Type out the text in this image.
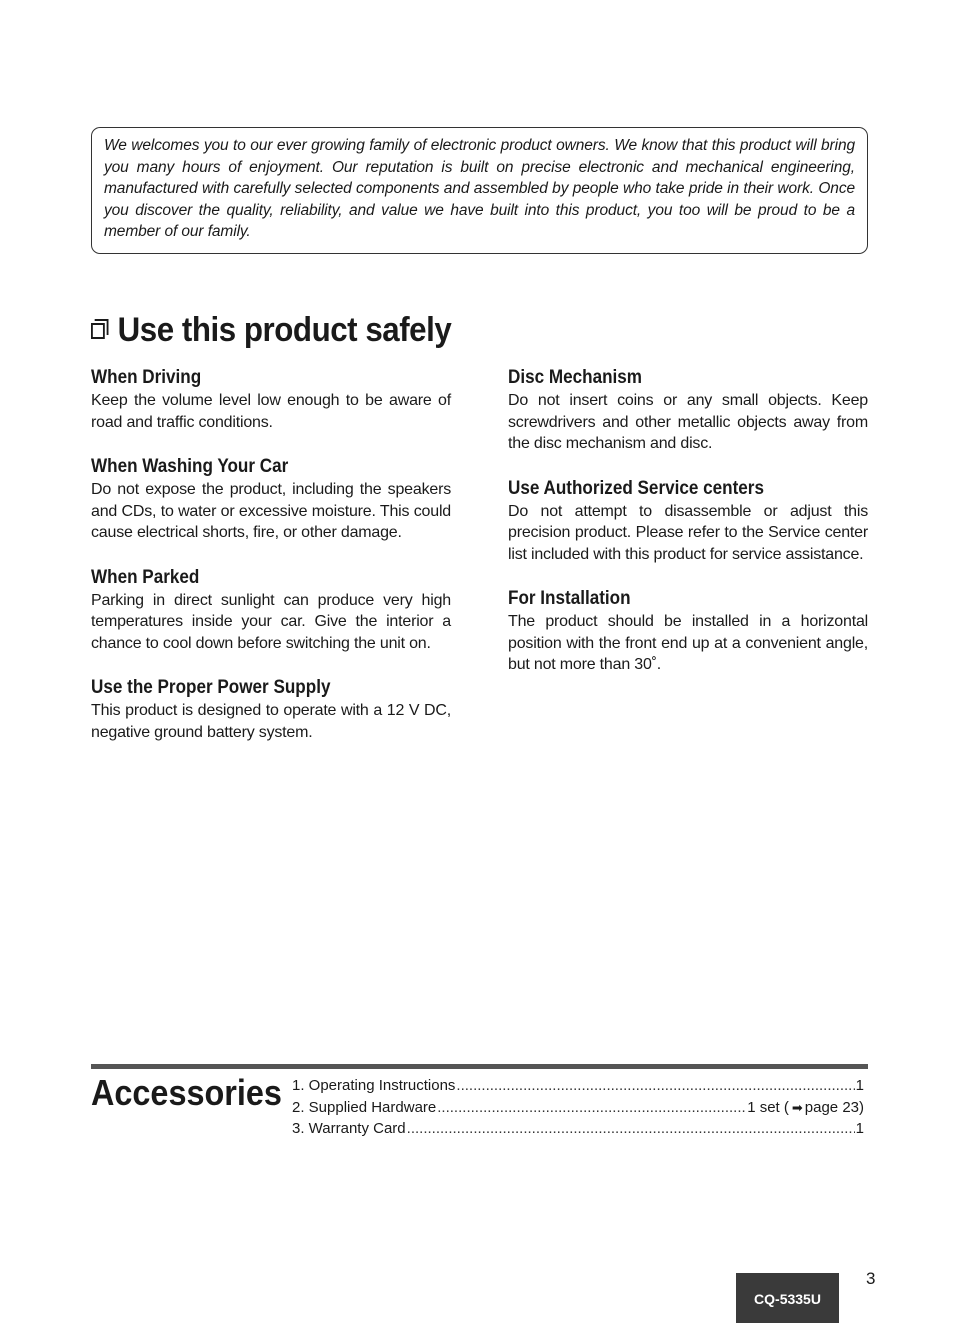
We welcomes you to our ever growing family of electronic product owners. We know that this product will bring you many hours of enjoyment. Our reputation is built on precise electronic and mechanical engineering, manufactured with carefully selected components and assembled by people who take pride in their work. Once you discover the quality, reliability, and value we have built into this product, you too will be proud to be a member of our family.

Use this product safely
When Driving

Keep the volume level low enough to be aware of road and traffic conditions.

When Washing Your Car

Do not expose the product, including the speakers and CDs, to water or excessive moisture. This could cause electrical shorts, fire, or other damage.

When Parked

Parking in direct sunlight can produce very high temperatures inside your car. Give the interior a chance to cool down before switching the unit on.

Use the Proper Power Supply

This product is designed to operate with a 12 V DC, negative ground battery system.

Disc Mechanism

Do not insert coins or any small objects. Keep screwdrivers and other metallic objects away from the disc mechanism and disc.

Use Authorized Service centers

Do not attempt to disassemble or adjust this precision product. Please refer to the Service center list included with this product for service assistance.

For Installation

The product should be installed in a horizontal position with the front end up at a convenient angle, but not more than 30˚.

Accessories 1. Operating Instructions .....	1
2. Supplied Hardware .....	1 set ( ➡ page 23)
3. Warranty Card .....	1
3
CQ-5335U
